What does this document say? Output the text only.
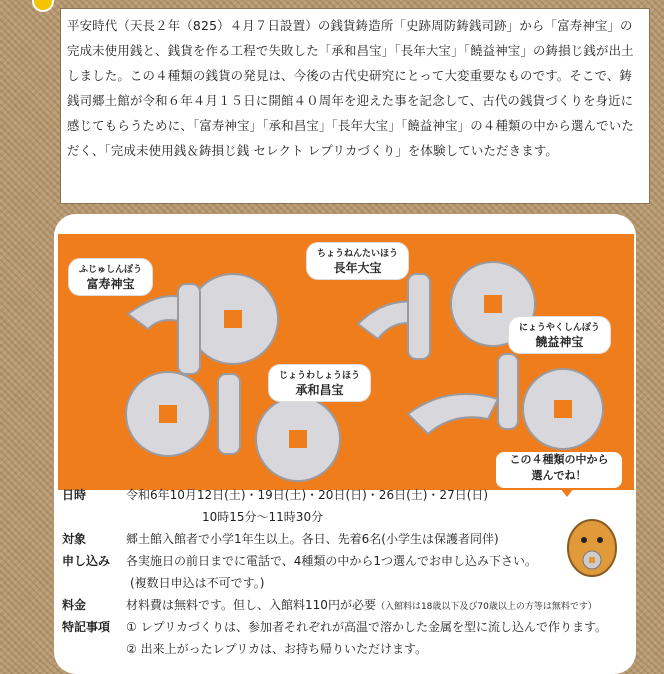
平安時代（天長２年（825）４月７日設置）の銭貨鋳造所「史跡周防鋳銭司跡」から「富寿神宝」の完成未使用銭と、銭貨を作る工程で失敗した「承和昌宝」「長年大宝」「饒益神宝」の鋳損じ銭が出土しました。この４種類の銭貨の発見は、今後の古代史研究にとって大変重要なものです。そこで、鋳銭司郷土館が令和６年４月１５日に開館４０周年を迎えた事を記念して、古代の銭貨づくりを身近に感じてもらうために、「富寿神宝」「承和昌宝」「長年大宝」「饒益神宝」の４種類の中から選んでいただく、「完成未使用銭＆鋳損じ銭 セレクト レプリカづくり」を体験していただきます。

ふじゅしんぽう
富寿神宝
ちょうねんたいほう
長年大宝
じょうわしょうほう
承和昌宝
にょうやくしんぽう
饒益神宝
この４種類の中から
選んでね！
日時	令和6年10月12日(土)・19日(土)・20日(日)・26日(土)・27日(日)
10時15分～11時30分
対象	郷土館入館者で小学1年生以上。各日、先着6名(小学生は保護者同伴)
申し込み	各実施日の前日までに電話で、4種類の中から1つ選んでお申し込み下さい。
(複数日申込は不可です。)
料金	材料費は無料です。但し、入館料110円が必要（入館料は18歳以下及び70歳以上の方等は無料です）
特記事項	① レプリカづくりは、参加者それぞれが高温で溶かした金属を型に流し込んで作ります。
② 出来上がったレプリカは、お持ち帰りいただけます。
